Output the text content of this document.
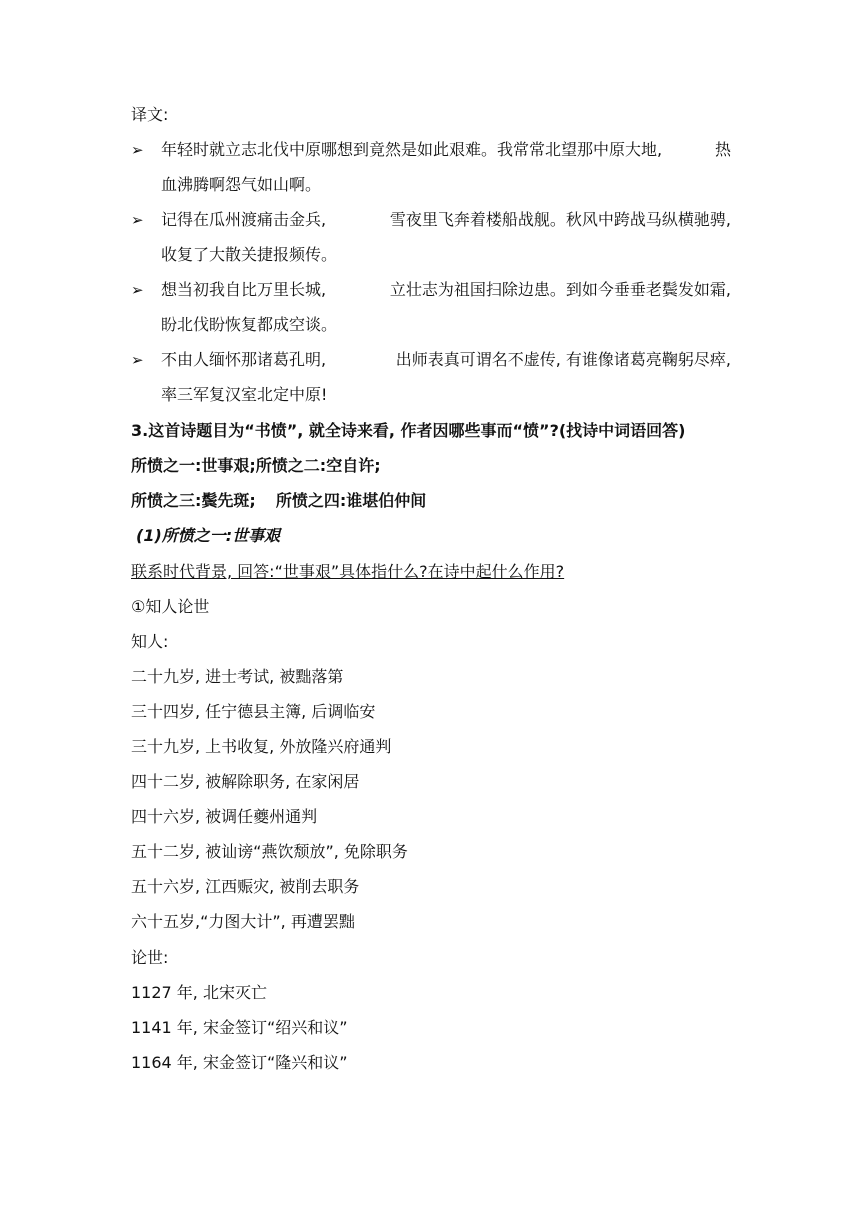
译文:
➢ 年轻时就立志北伐中原哪想到竟然是如此艰难。我常常北望那中原大地,	热
血沸腾啊怨气如山啊。
➢ 记得在瓜州渡痛击金兵,	雪夜里飞奔着楼船战舰。秋风中跨战马纵横驰骋,
收复了大散关捷报频传。
➢ 想当初我自比万里长城,	立壮志为祖国扫除边患。到如今垂垂老鬓发如霜,
盼北伐盼恢复都成空谈。
➢ 不由人缅怀那诸葛孔明,	出师表真可谓名不虚传, 有谁像诸葛亮鞠躬尽瘁,
率三军复汉室北定中原!
3.这首诗题目为“书愤”, 就全诗来看, 作者因哪些事而“愤”?(找诗中词语回答)
所愤之一:世事艰;所愤之二:空自许;
所愤之三:鬓先斑; 所愤之四:谁堪伯仲间
(1)所愤之一:世事艰
联系时代背景, 回答:“世事艰”具体指什么?在诗中起什么作用?
①知人论世
知人:
二十九岁, 进士考试, 被黜落第
三十四岁, 任宁德县主簿, 后调临安
三十九岁, 上书收复, 外放隆兴府通判
四十二岁, 被解除职务, 在家闲居
四十六岁, 被调任夔州通判
五十二岁, 被讪谤“燕饮颓放”, 免除职务
五十六岁, 江西赈灾, 被削去职务
六十五岁,“力图大计”, 再遭罢黜
论世:
1127 年, 北宋灭亡
1141 年, 宋金签订“绍兴和议”
1164 年, 宋金签订“隆兴和议”
